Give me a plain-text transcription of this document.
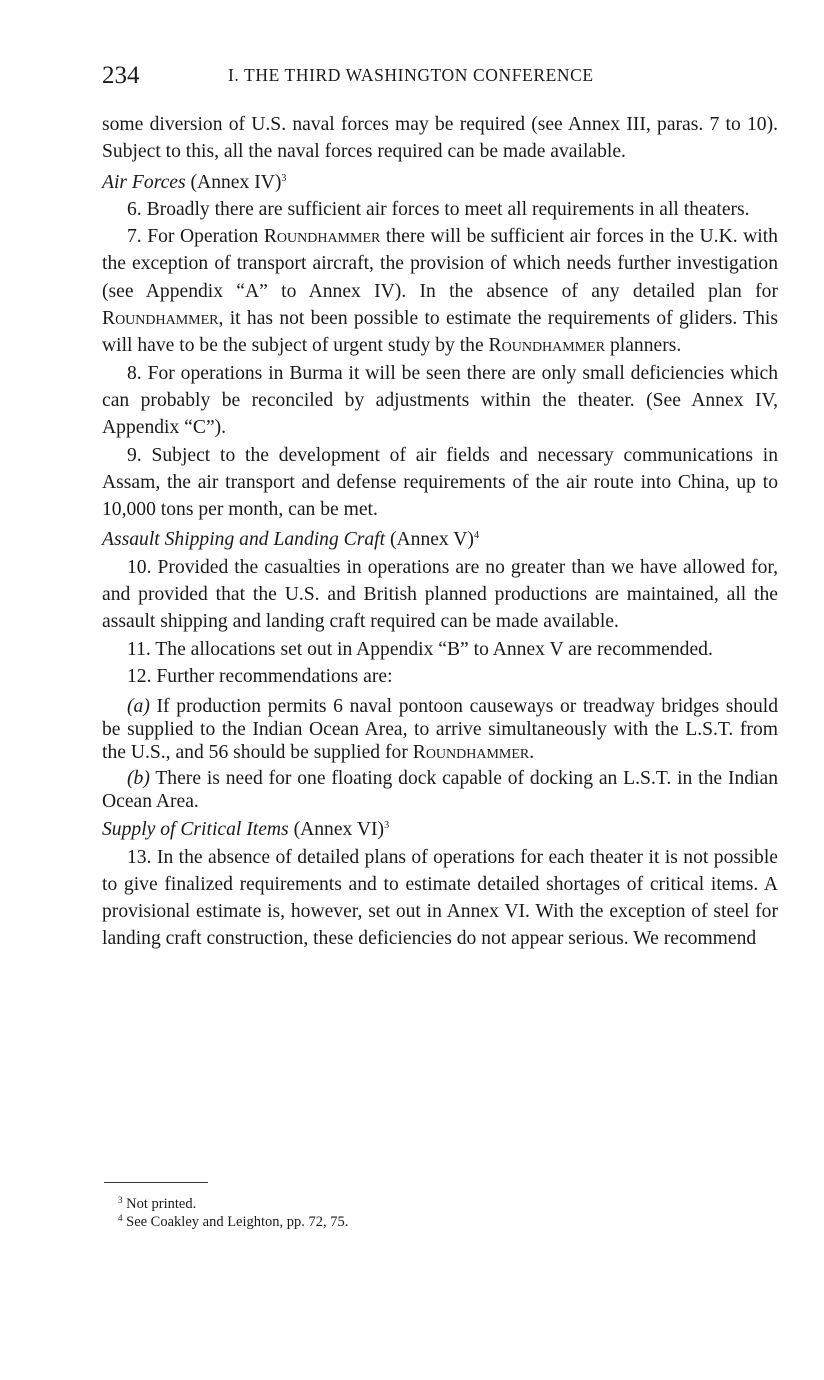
234	I. THE THIRD WASHINGTON CONFERENCE

some diversion of U.S. naval forces may be required (see Annex III, paras. 7 to 10). Subject to this, all the naval forces required can be made available.

Air Forces (Annex IV)$^3$

6. Broadly there are sufficient air forces to meet all requirements in all theaters.

7. For Operation Roundhammer there will be sufficient air forces in the U.K. with the exception of transport aircraft, the provision of which needs further investigation (see Appendix “A” to Annex IV). In the absence of any detailed plan for Roundhammer, it has not been possible to estimate the requirements of gliders. This will have to be the subject of urgent study by the Roundhammer planners.

8. For operations in Burma it will be seen there are only small deficiencies which can probably be reconciled by adjustments within the theater. (See Annex IV, Appendix “C”).

9. Subject to the development of air fields and necessary communications in Assam, the air transport and defense requirements of the air route into China, up to 10,000 tons per month, can be met.

Assault Shipping and Landing Craft (Annex V)$^4$

10. Provided the casualties in operations are no greater than we have allowed for, and provided that the U.S. and British planned productions are maintained, all the assault shipping and landing craft required can be made available.

11. The allocations set out in Appendix “B” to Annex V are recommended.

12. Further recommendations are:

(a) If production permits 6 naval pontoon causeways or treadway bridges should be supplied to the Indian Ocean Area, to arrive simultaneously with the L.S.T. from the U.S., and 56 should be supplied for Roundhammer.

(b) There is need for one floating dock capable of docking an L.S.T. in the Indian Ocean Area.

Supply of Critical Items (Annex VI)$^3$

13. In the absence of detailed plans of operations for each theater it is not possible to give finalized requirements and to estimate detailed shortages of critical items. A provisional estimate is, however, set out in Annex VI. With the exception of steel for landing craft construction, these deficiencies do not appear serious. We recommend

$^3$ Not printed.
$^4$ See Coakley and Leighton, pp. 72, 75.
